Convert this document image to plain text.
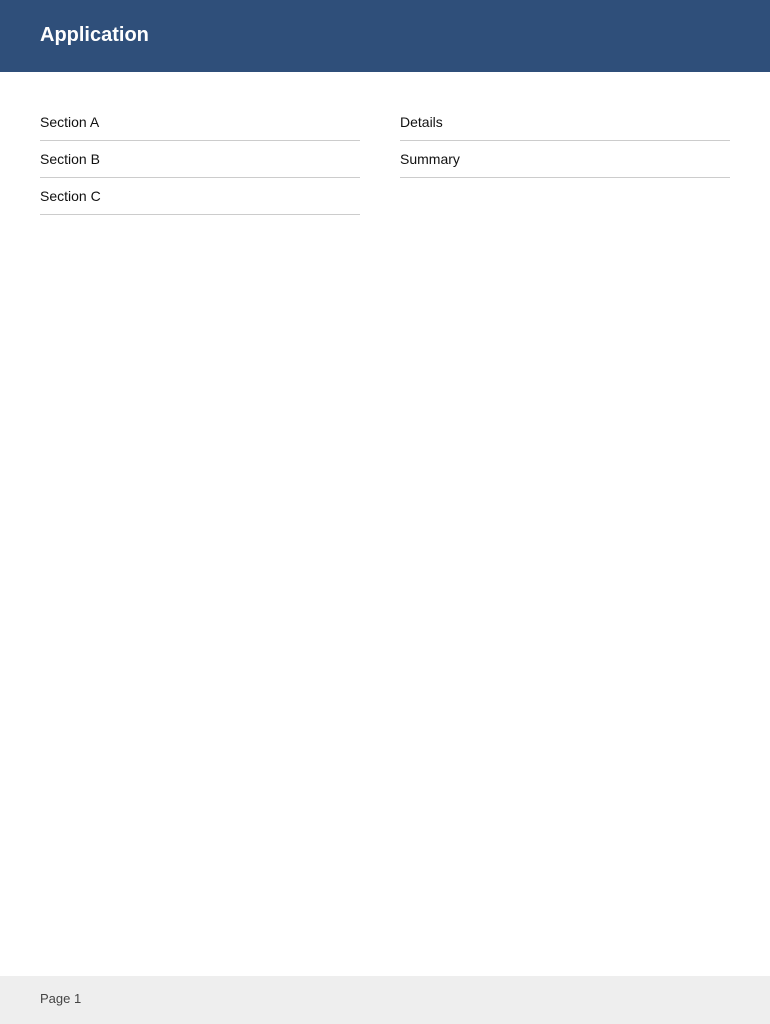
Application
Section A
Section B
Section C
Details
Summary
Page 1
